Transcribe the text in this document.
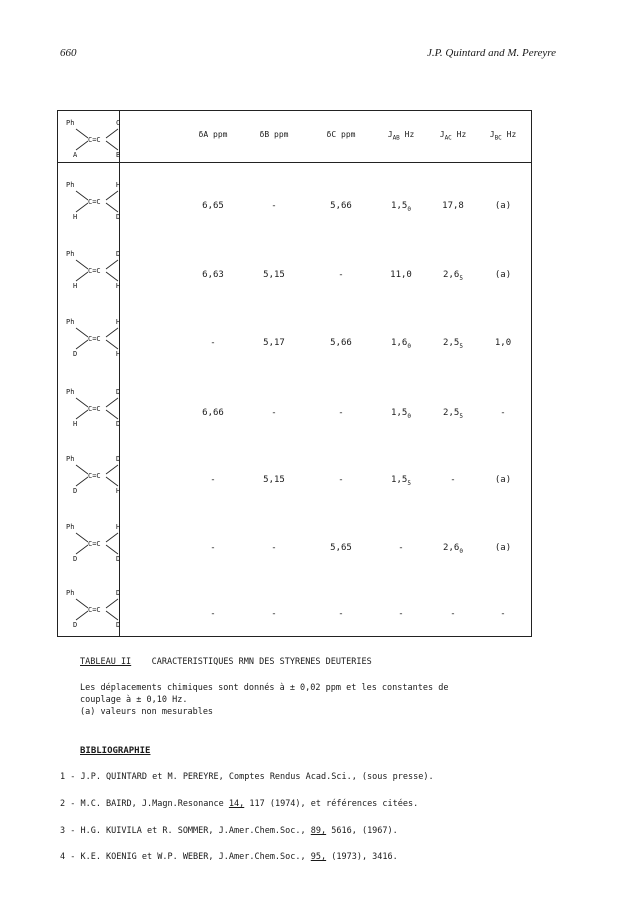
660	J.P. Quintard and M. Pereyre
Ph	C
C=C
A	B
δA ppm	δB ppm	δC ppm	$J_{AB}$ Hz	$J_{AC}$ Hz	$J_{BC}$ Hz
Ph	H
C=C
H	D
6,65	-	5,66	$1,5_0$	17,8	(a)
Ph	D
C=C
H	H
6,63	5,15	-	11,0	$2,6_5$	(a)
Ph	H
C=C
D	H
-	5,17	5,66	$1,6_0$	$2,5_5$	1,0
Ph	D
C=C
H	D
6,66	-	-	$1,5_0$	$2,5_5$	-
Ph	D
C=C
D	H
-	5,15	-	$1,5_5$	-	(a)
Ph	H
C=C
D	D
-	-	5,65	-	$2,6_0$	(a)
Ph	D
C=C
D	D
-	-	-	-	-	-
TABLEAU II CARACTERISTIQUES RMN DES STYRENES DEUTERIES
Les déplacements chimiques sont donnés à ± 0,02 ppm et les constantes de
couplage à ± 0,10 Hz.
(a) valeurs non mesurables
BIBLIOGRAPHIE
1 - J.P. QUINTARD et M. PEREYRE, Comptes Rendus Acad.Sci., (sous presse).
2 - M.C. BAIRD, J.Magn.Resonance 14, 117 (1974), et références citées.
3 - H.G. KUIVILA et R. SOMMER, J.Amer.Chem.Soc., 89, 5616, (1967).
4 - K.E. KOENIG et W.P. WEBER, J.Amer.Chem.Soc., 95, (1973), 3416.
